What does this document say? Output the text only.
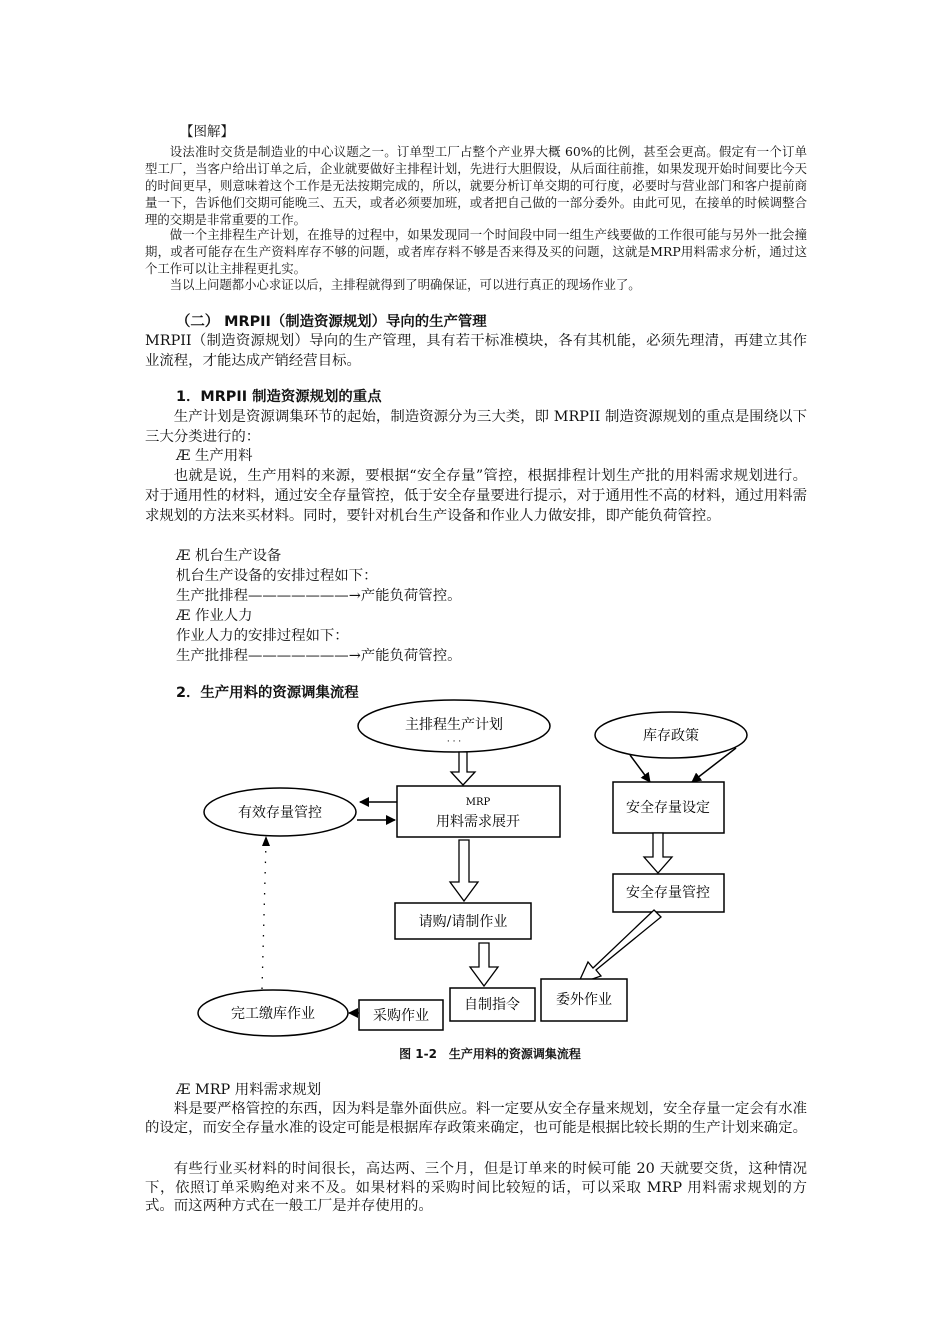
【图解】

设法准时交货是制造业的中心议题之一。订单型工厂占整个产业界大概 60%的比例，甚至会更高。假定有一个订单型工厂，当客户给出订单之后，企业就要做好主排程计划，先进行大胆假设，从后面往前推，如果发现开始时间要比今天的时间更早，则意味着这个工作是无法按期完成的，所以，就要分析订单交期的可行度，必要时与营业部门和客户提前商量一下，告诉他们交期可能晚三、五天，或者必须要加班，或者把自己做的一部分委外。由此可见，在接单的时候调整合理的交期是非常重要的工作。

做一个主排程生产计划，在推导的过程中，如果发现同一个时间段中同一组生产线要做的工作很可能与另外一批会撞期，或者可能存在生产资料库存不够的问题，或者库存料不够是否来得及买的问题，这就是MRP用料需求分析，通过这个工作可以让主排程更扎实。

当以上问题都小心求证以后，主排程就得到了明确保证，可以进行真正的现场作业了。

（二） MRPII（制造资源规划）导向的生产管理

MRPII（制造资源规划）导向的生产管理，具有若干标准模块，各有其机能，必须先理清，再建立其作业流程，才能达成产销经营目标。

1．MRPII 制造资源规划的重点

生产计划是资源调集环节的起始，制造资源分为三大类，即 MRPII 制造资源规划的重点是围绕以下三大分类进行的：

Æ 生产用料

也就是说，生产用料的来源，要根据“安全存量”管控，根据排程计划生产批的用料需求规划进行。对于通用性的材料，通过安全存量管控，低于安全存量要进行提示，对于通用性不高的材料，通过用料需求规划的方法来买材料。同时，要针对机台生产设备和作业人力做安排，即产能负荷管控。

Æ 机台生产设备

机台生产设备的安排过程如下：

生产批排程———————→产能负荷管控。

Æ 作业人力

作业人力的安排过程如下：

生产批排程———————→产能负荷管控。

2．生产用料的资源调集流程

主排程生产计划
· · ·	库存政策
有效存量管控
MRP
用料需求展开
安全存量设定
安全存量管控
请购/请制作业
委外作业
自制指令
采购作业
完工缴库作业

图 1-2　生产用料的资源调集流程

Æ MRP 用料需求规划

料是要严格管控的东西，因为料是靠外面供应。料一定要从安全存量来规划，安全存量一定会有水准的设定，而安全存量水准的设定可能是根据库存政策来确定，也可能是根据比较长期的生产计划来确定。

有些行业买材料的时间很长，高达两、三个月，但是订单来的时候可能 20 天就要交货，这种情况下，依照订单采购绝对来不及。如果材料的采购时间比较短的话，可以采取 MRP 用料需求规划的方式。而这两种方式在一般工厂是并存使用的。
